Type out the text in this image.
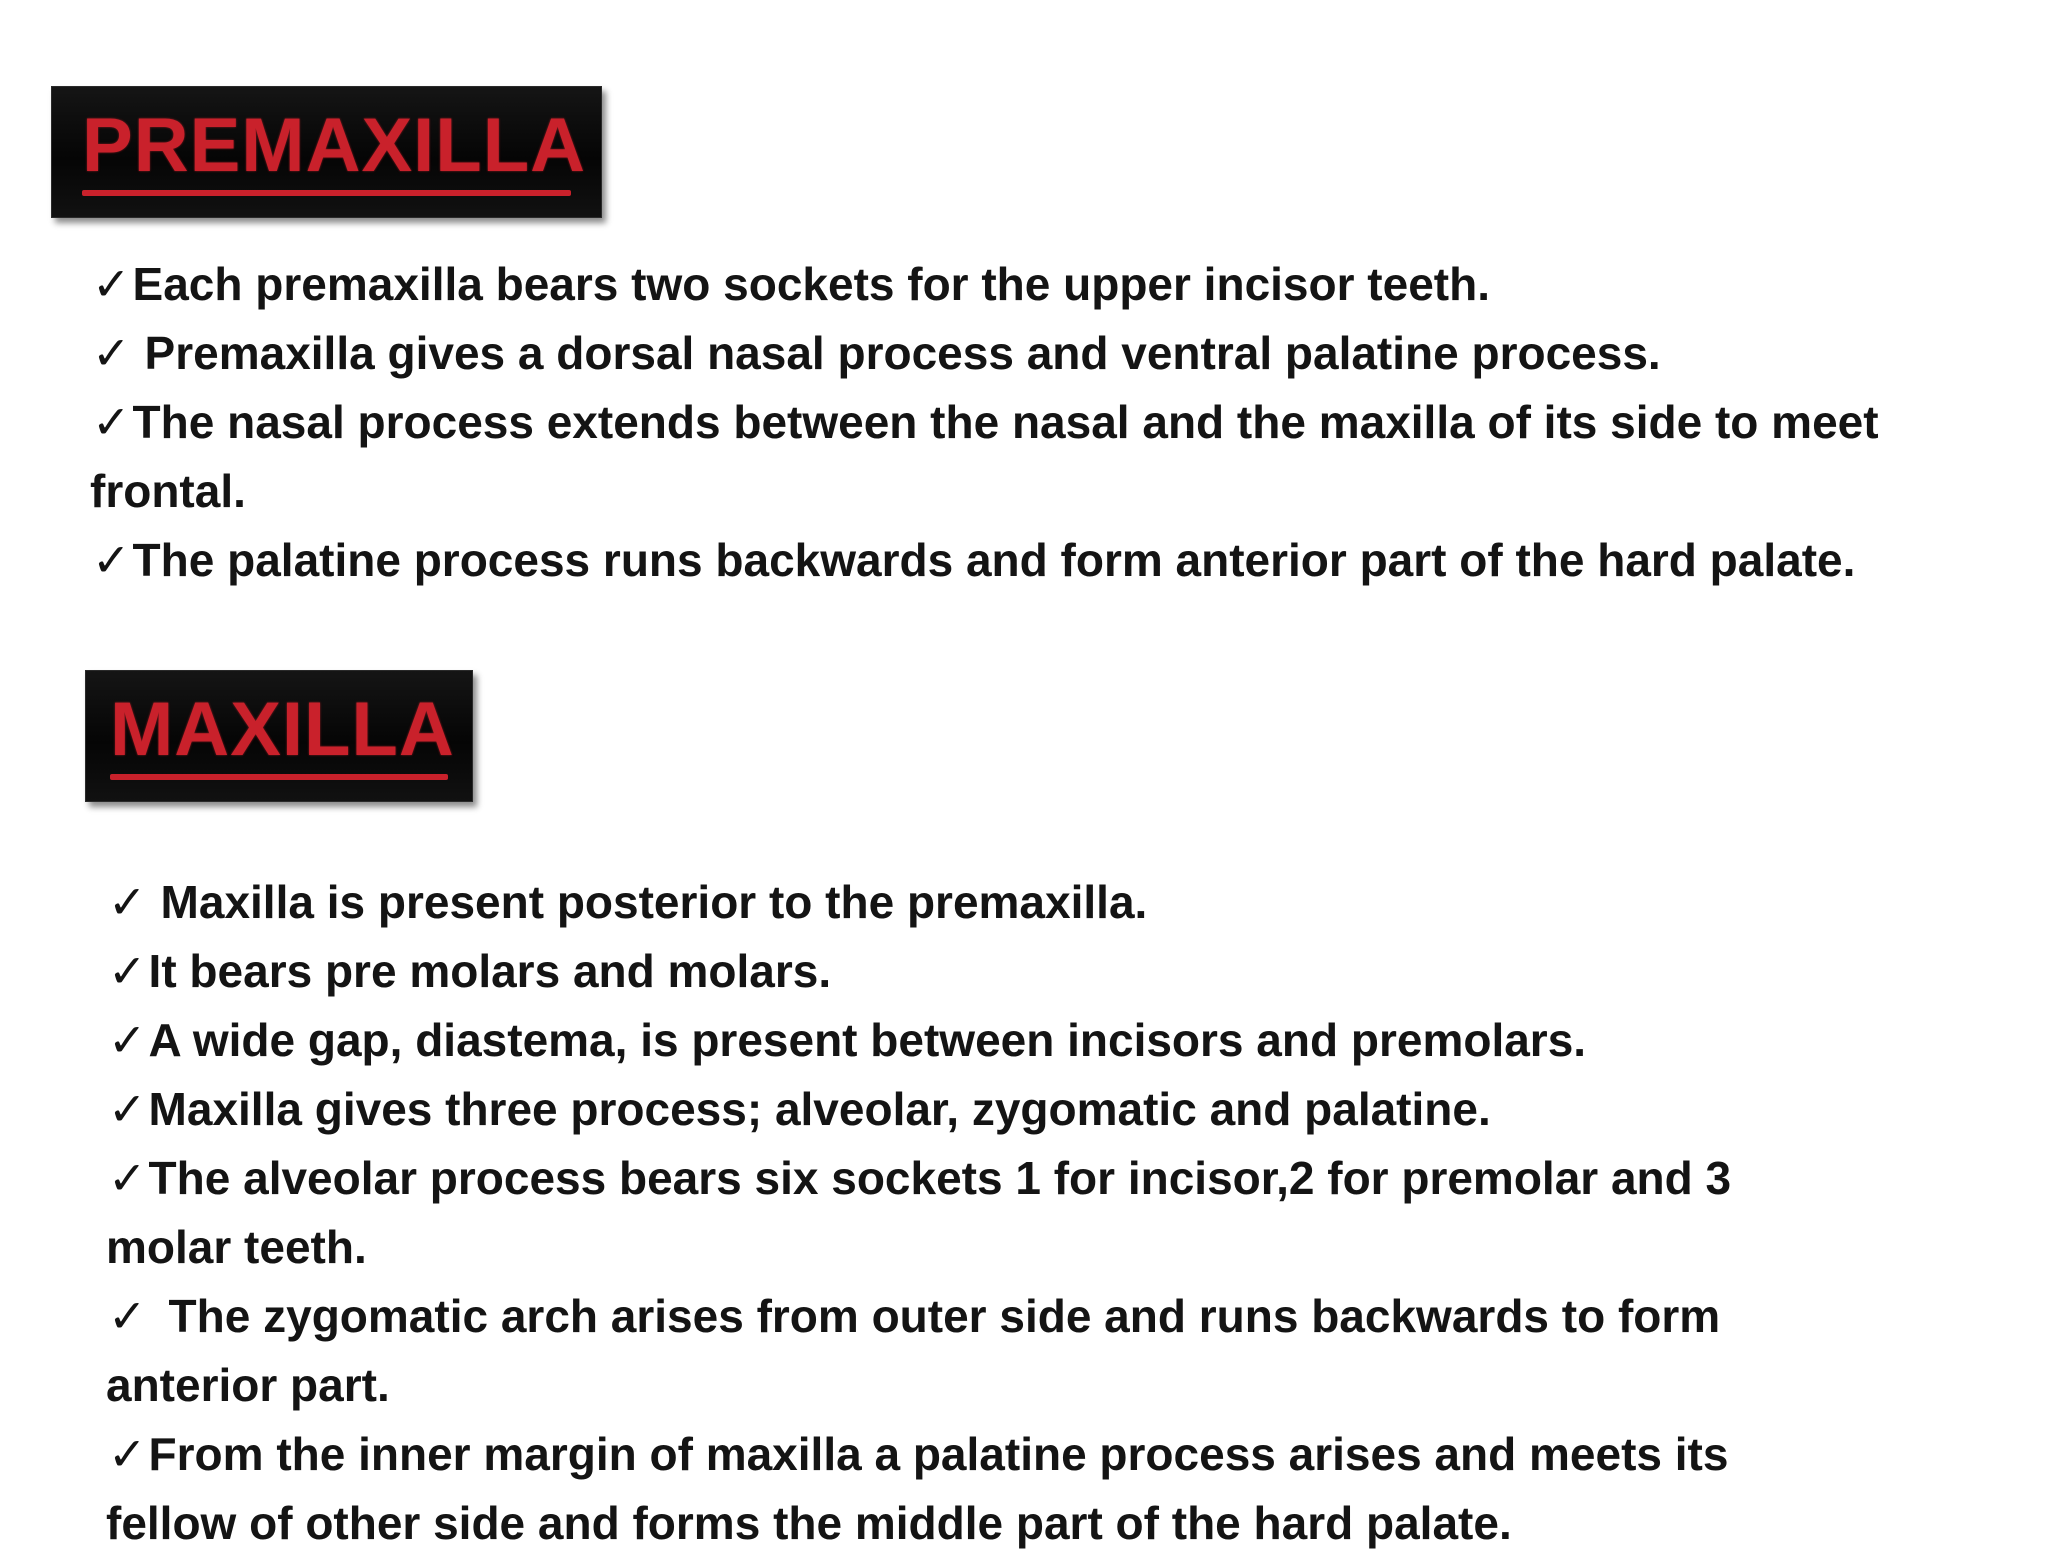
PREMAXILLA
✓Each premaxilla bears two sockets for the upper incisor teeth.
✓ Premaxilla gives a dorsal nasal process and ventral palatine process.
✓The nasal process extends between the nasal and the maxilla of its side to meet
frontal.
✓The palatine process runs backwards and form anterior part of the hard palate.
MAXILLA
✓ Maxilla is present posterior to the premaxilla.
✓It bears pre molars and molars.
✓A wide gap, diastema, is present between incisors and premolars.
✓Maxilla gives three process; alveolar, zygomatic and palatine.
✓The alveolar process bears six sockets 1 for incisor,2 for premolar and 3
molar teeth.
✓ The zygomatic arch arises from outer side and runs backwards to form
anterior part.
✓From the inner margin of maxilla a palatine process arises and meets its
fellow of other side and forms the middle part of the hard palate.
